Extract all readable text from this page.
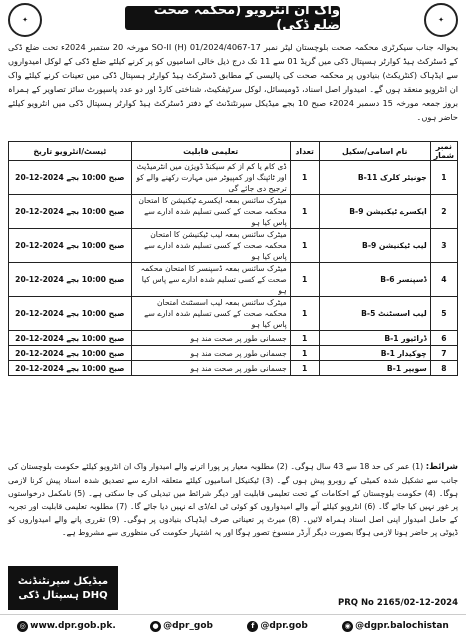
✦
واک ان انٹرویو (محکمہ صحت ضلع ڈکی)	✦

بحوالہ جناب سیکرٹری محکمہ صحت بلوچستان لیٹر نمبر 17-01/2024/4067 (H) SO-II مورخہ 20 ستمبر 2024ء تحت ضلع ڈکی کے ڈسٹرکٹ ہیڈ کوارٹر ہسپتال ڈکی میں گریڈ 01 سے 11 تک درج ذیل خالی اسامیوں کو پر کرنے کیلئے ضلع ڈکی کے لوکل امیدواروں سے ایڈہاک (کنٹریکٹ) بنیادوں پر محکمہ صحت کی پالیسی کے مطابق ڈسٹرکٹ ہیڈ کوارٹر ہسپتال ڈکی میں تعینات کرنے کیلئے واک ان انٹرویو منعقد ہوں گے۔ امیدوار اصل اسناد، ڈومیسائل، لوکل سرٹیفکیٹ، شناختی کارڈ اور دو عدد پاسپورٹ سائز تصاویر کے ہمراہ بروز جمعہ مورخہ 15 دسمبر 2024ء صبح 10 بجے میڈیکل سپرنٹنڈنٹ کے دفتر ڈسٹرکٹ ہیڈ کوارٹر ہسپتال ڈکی میں انٹرویو کیلئے حاضر ہوں۔

نمبر شمار	نام اسامی/سکیل	تعداد	تعلیمی قابلیت	ٹیسٹ/انٹرویو تاریخ
1	جونیئر کلرک B-11	1	ڈی کام یا کم از کم سیکنڈ ڈویژن میں انٹرمیڈیٹ اور ٹائپنگ اور کمپیوٹر میں مہارت رکھنے والے کو ترجیح دی جائے گی	20-12-2024 صبح 10:00 بجے
2	ایکسرے ٹیکنیشن B-9	1	میٹرک سائنس بمعہ ایکسرے ٹیکنیشن کا امتحان محکمہ صحت کے کسی تسلیم شدہ ادارے سے پاس کیا ہو	20-12-2024 صبح 10:00 بجے
3	لیب ٹیکنیشن B-9	1	میٹرک سائنس بمعہ لیب ٹیکنیشن کا امتحان محکمہ صحت کے کسی تسلیم شدہ ادارے سے پاس کیا ہو	20-12-2024 صبح 10:00 بجے
4	ڈسپنسر B-6	1	میٹرک سائنس بمعہ ڈسپنسر کا امتحان محکمہ صحت کے کسی تسلیم شدہ ادارے سے پاس کیا ہو	20-12-2024 صبح 10:00 بجے
5	لیب اسسٹنٹ B-5	1	میٹرک سائنس بمعہ لیب اسسٹنٹ امتحان محکمہ صحت کے کسی تسلیم شدہ ادارے سے پاس کیا ہو	20-12-2024 صبح 10:00 بجے
6	ڈرائیور B-1	1	جسمانی طور پر صحت مند ہو	20-12-2024 صبح 10:00 بجے
7	چوکیدار B-1	1	جسمانی طور پر صحت مند ہو	20-12-2024 صبح 10:00 بجے
8	سویپر B-1	1	جسمانی طور پر صحت مند ہو	20-12-2024 صبح 10:00 بجے

شرائط: (1) عمر کی حد 18 سے 43 سال ہوگی۔ (2) مطلوبہ معیار پر پورا اترنے والے امیدوار واک ان انٹرویو کیلئے حکومت بلوچستان کی جانب سے تشکیل شدہ کمیٹی کے روبرو پیش ہوں گے۔ (3) ٹیکنیکل اسامیوں کیلئے متعلقہ ادارے سے تصدیق شدہ اسناد پیش کرنا لازمی ہوگا۔ (4) حکومت بلوچستان کے احکامات کے تحت تعلیمی قابلیت اور دیگر شرائط میں تبدیلی کی جا سکتی ہے۔ (5) نامکمل درخواستوں پر غور نہیں کیا جائے گا۔ (6) انٹرویو کیلئے آنے والے امیدواروں کو کوئی ٹی اے/ڈی اے نہیں دیا جائے گا۔ (7) مطلوبہ تعلیمی قابلیت اور تجربہ کے حامل امیدوار اپنی اصل اسناد ہمراہ لائیں۔ (8) میرٹ پر تعیناتی صرف ایڈہاک بنیادوں پر ہوگی۔ (9) تقرری پانے والے امیدواروں کو ڈیوٹی پر حاضر ہونا لازمی ہوگا بصورت دیگر آرڈر منسوخ تصور ہوگا اور یہ اشتہار حکومت کی منظوری سے مشروط ہے۔

میڈیکل سپرنٹنڈنٹ
DHQ ہسپتال ڈکی
PRQ No 2165/02-12-2024
◎ www.dpr.gob.pk.	● @dpr_gob	f @dpr.gob	◉ @dgpr.balochistan
